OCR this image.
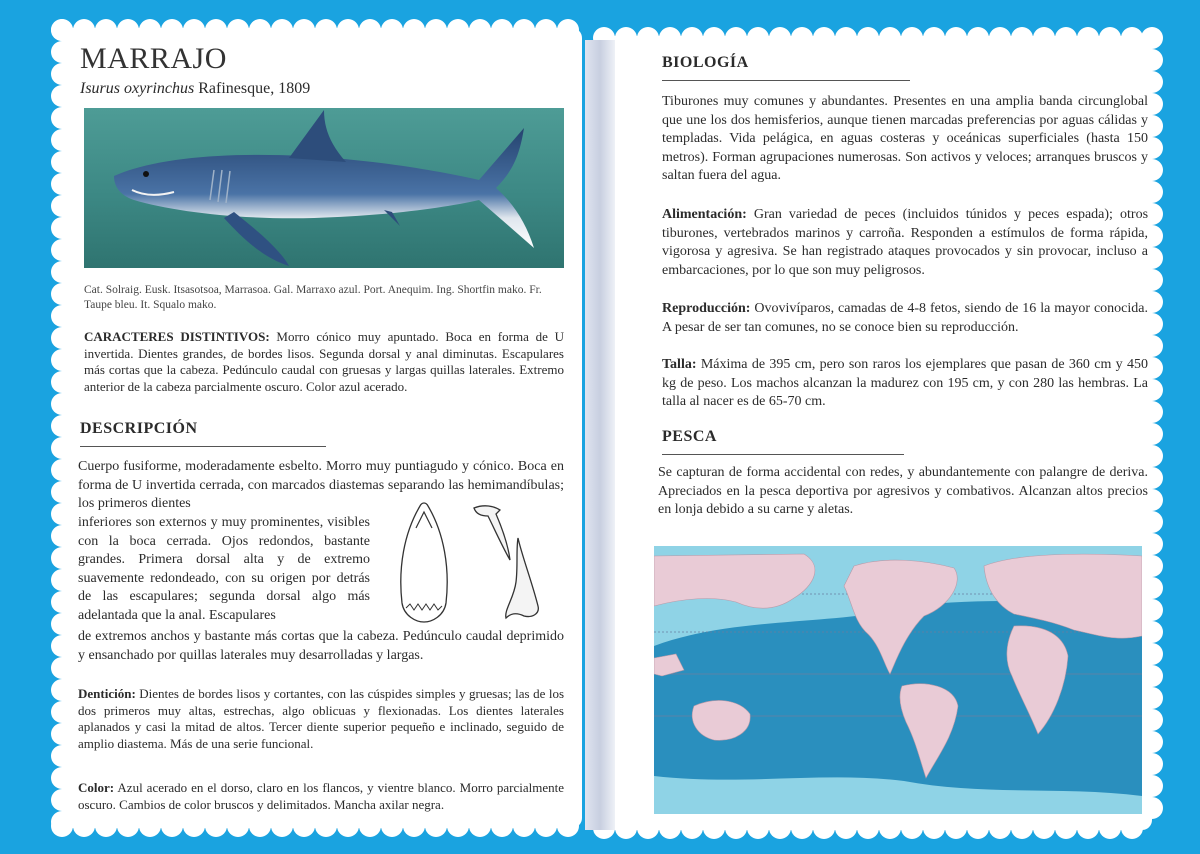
MARRAJO
Isurus oxyrinchus Rafinesque, 1809
Cat. Solraig. Eusk. Itsasotsoa, Marrasoa. Gal. Marraxo azul. Port. Anequim. Ing. Shortfin mako. Fr. Taupe bleu. It. Squalo mako.
CARACTERES DISTINTIVOS: Morro cónico muy apuntado. Boca en forma de U invertida. Dientes grandes, de bordes lisos. Segunda dorsal y anal diminutas. Escapulares más cortas que la cabeza. Pedúnculo caudal con gruesas y largas quillas laterales. Extremo anterior de la cabeza parcialmente oscuro. Color azul acerado.
DESCRIPCIÓN
Cuerpo fusiforme, moderadamente esbelto. Morro muy puntiagudo y cónico. Boca en forma de U invertida cerrada, con marcados diastemas separando las hemimandíbulas; los primeros dientes
inferiores son externos y muy prominentes, visibles con la boca cerrada. Ojos redondos, bastante grandes. Primera dorsal alta y de extremo suavemente redondeado, con su origen por detrás de las escapulares; segunda dorsal algo más adelantada que la anal. Escapulares
de extremos anchos y bastante más cortas que la cabeza. Pedúnculo caudal deprimido y ensanchado por quillas laterales muy desarrolladas y largas.
Dentición: Dientes de bordes lisos y cortantes, con las cúspides simples y gruesas; las de los dos primeros muy altas, estrechas, algo oblicuas y flexionadas. Los dientes laterales aplanados y casi la mitad de altos. Tercer diente superior pequeño e inclinado, seguido de amplio diastema. Más de una serie funcional.
Color: Azul acerado en el dorso, claro en los flancos, y vientre blanco. Morro parcialmente oscuro. Cambios de color bruscos y delimitados. Mancha axilar negra.
BIOLOGÍA
Tiburones muy comunes y abundantes. Presentes en una amplia banda circunglobal que une los dos hemisferios, aunque tienen marcadas preferencias por aguas cálidas y templadas. Vida pelágica, en aguas costeras y oceánicas superficiales (hasta 150 metros). Forman agrupaciones numerosas. Son activos y veloces; arranques bruscos y saltan fuera del agua.
Alimentación: Gran variedad de peces (incluidos túnidos y peces espada); otros tiburones, vertebrados marinos y carroña. Responden a estímulos de forma rápida, vigorosa y agresiva. Se han registrado ataques provocados y sin provocar, incluso a embarcaciones, por lo que son muy peligrosos.
Reproducción: Ovovivíparos, camadas de 4-8 fetos, siendo de 16 la mayor conocida. A pesar de ser tan comunes, no se conoce bien su reproducción.
Talla: Máxima de 395 cm, pero son raros los ejemplares que pasan de 360 cm y 450 kg de peso. Los machos alcanzan la madurez con 195 cm, y con 280 las hembras. La talla al nacer es de 65-70 cm.
PESCA
Se capturan de forma accidental con redes, y abundantemente con palangre de deriva. Apreciados en la pesca deportiva por agresivos y combativos. Alcanzan altos precios en lonja debido a su carne y aletas.
